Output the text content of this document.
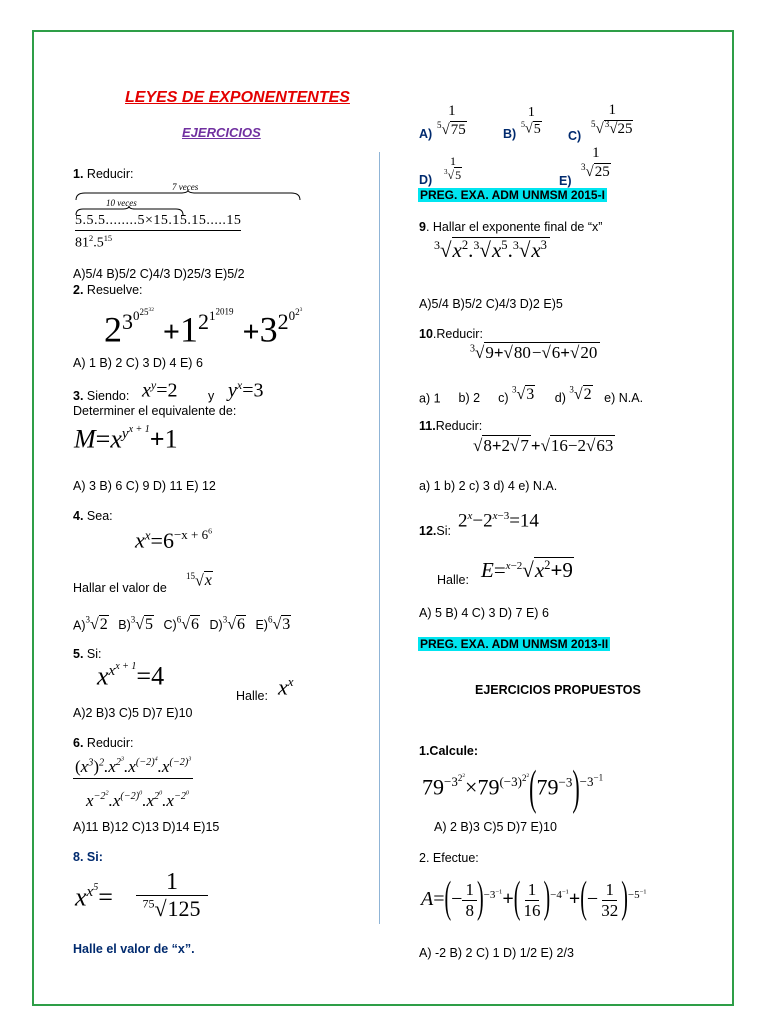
LEYES DE EXPONENTENTES
EJERCICIOS
1. Reducir:
7 veces
10 veces
5.5.5........5×15.15.15.....15
$81^2.5^{15}$
A)5/4 B)5/2 C)4/3 D)25/3 E)5/2
2. Resuelve:
$2^{3^{0^{25^{32}}}} +1^{2^{1^{2019}}} +3^{2^{0^{2^3}}}$
A) 1 B) 2 C) 3 D) 4 E) 6
3. Siendo: $x^y=2$ y $y^x=3$
Determiner el equivalente de:
$M=x^{y^{x + 1}}+1$
A) 3 B) 6 C) 9 D) 11 E) 12
4. Sea:
$x^x=6^{-x + 6^6}$
Hallar el valor de
$^{15}$√x
A)$^3$√2 B)$^3$√5 C)$^6$√6 D)$^3$√6 E)$^6$√3
5. Si:
$x^{x^{x + 1}}=4$
Halle: $x^x$
A)2 B)3 C)5 D)7 E)10
6. Reducir:
$(x^3)^2.x^{2^3}.x^{(-2)^4}.x^{(-2)^3}$
$x^{-2^2}.x^{(-2)^0}.x^{2^0}.x^{-2^0}$
A)11 B)12 C)13 D)14 E)15
8. Si:
$x^{x^5}= \frac{1}{^{75}√125}$
Halle el valor de “x”.
A)
1
$^5$√75	B)
1
$^5$√5	C)
1
$^5$√$^3$√25
D)
1
$^3$√5	E)
1
$^3$√25
PREG. EXA. ADM UNMSM 2015-I
9. Hallar el exponente final de “x”
$^3√x^2.^3√x^5.^3√x^3$
A)5/4 B)5/2 C)4/3 D)2 E)5
10.Reducir:
$^3$√9+√80−√6+√20
a) 1 b) 2 c) $^3$√3 d) $^3$√2 e) N.A.
11.Reducir:
√8+2√7 +√16−2√63
a) 1 b) 2 c) 3 d) 4 e) N.A.
12.Si: $2^x-2^{x-3}=14$
Halle: $E=^{x-2}√x^2+9$
A) 5 B) 4 C) 3 D) 7 E) 6
PREG. EXA. ADM UNMSM 2013-II
EJERCICIOS PROPUESTOS
1.Calcule:
$79^{-3^{2^2}}\times 79^{(-3)^{2^2}}(79^{-3})^{-3^{-1}}$
A) 2 B)3 C)5 D)7 E)10
2. Efectue:
$A=(- \frac{1}{8} )^{-3^{-1}}+( \frac{1}{16} )^{-4^{-1}}+(- \frac{1}{32} )^{-5^{-1}}$
A) -2 B) 2 C) 1 D) 1/2 E) 2/3
